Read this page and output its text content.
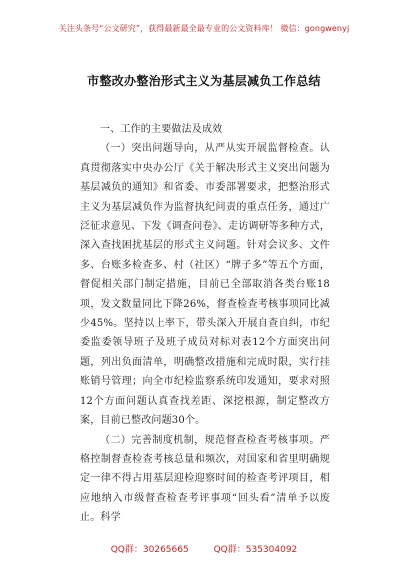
关注头条号“公文研究”，获得最新最全最专业的公文资料库！ 微信：gongwenyj
市整改办整治形式主义为基层减负工作总结

一、工作的主要做法及成效

（一）突出问题导向，从严从实开展监督检查。认真贯彻落实中央办公厅《关于解决形式主义突出问题为基层减负的通知》和省委、市委部署要求，把整治形式主义为基层减负作为监督执纪问责的重点任务，通过广泛征求意见、下发《调查问卷》、走访调研等多种方式，深入查找困扰基层的形式主义问题。针对会议多、文件多、台账多检查多、村（社区）“牌子多”等五个方面，督促相关部门制定措施，目前已全部取消各类台账18项，发文数量同比下降26%，督查检查考核事项同比减少45%。坚持以上率下，带头深入开展自查自纠，市纪委监委领导班子及班子成员对标对表12个方面突出问题，列出负面清单，明确整改措施和完成时限，实行挂账销号管理；向全市纪检监察系统印发通知，要求对照12个方面问题认真查找差距、深挖根源，制定整改方案，目前已整改问题30个。

（二）完善制度机制，规范督查检查考核事项。严格控制督查检查考核总量和频次，对国家和省里明确规定一律不得占用基层迎检迎察时间的检查考评项目，相应地纳入市级督查检查考评事项“回头看”清单予以废止。科学

QQ群：30265665	QQ群：535304092
